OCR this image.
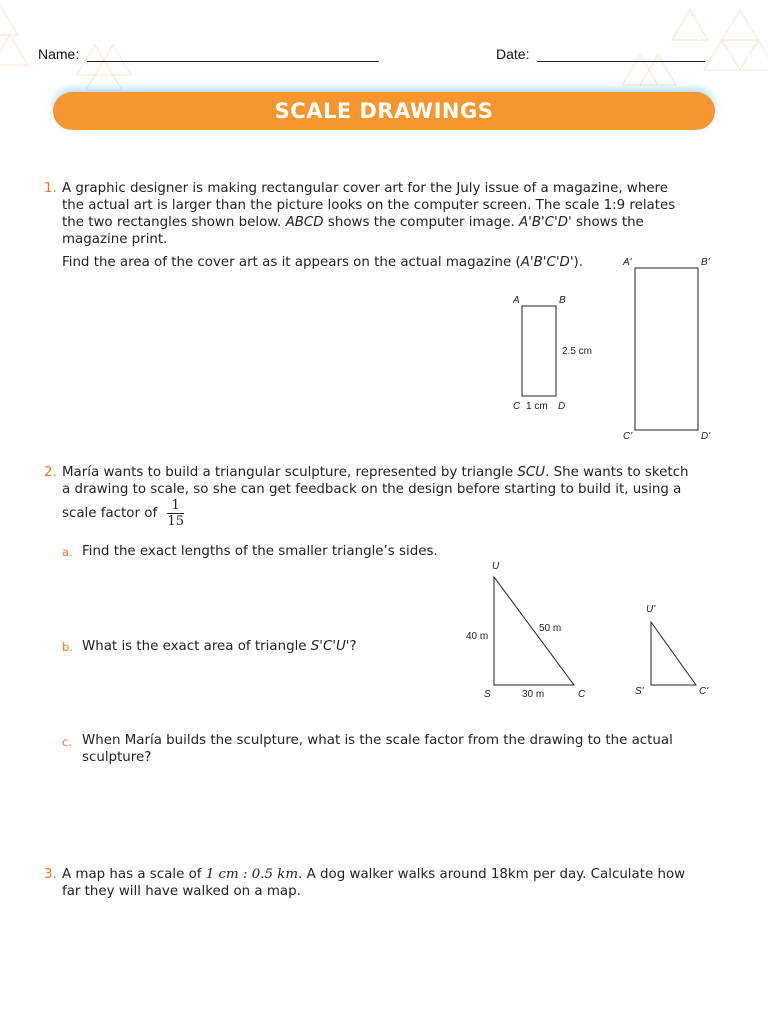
Name:	Date:
SCALE DRAWINGS
1. A graphic designer is making rectangular cover art for the July issue of a magazine, where
the actual art is larger than the picture looks on the computer screen. The scale 1:9 relates
the two rectangles shown below. ABCD shows the computer image. A'B'C'D' shows the
magazine print.
Find the area of the cover art as it appears on the actual magazine (A'B'C'D').
A	B
C	D
2.5 cm
1 cm
A'	B'
C'	D'
2. María wants to build a triangular sculpture, represented by triangle SCU. She wants to sketch
a drawing to scale, so she can get feedback on the design before starting to build it, using a
scale factor of $\frac{1}{15}$
a. Find the exact lengths of the smaller triangle’s sides.
b. What is the exact area of triangle S'C'U'?
c. When María builds the sculpture, what is the scale factor from the drawing to the actual
sculpture?
U
S	C
40 m
50 m
30 m
U'
S'	C'
3. A map has a scale of 1 cm : 0.5 km. A dog walker walks around 18km per day. Calculate how
far they will have walked on a map.
